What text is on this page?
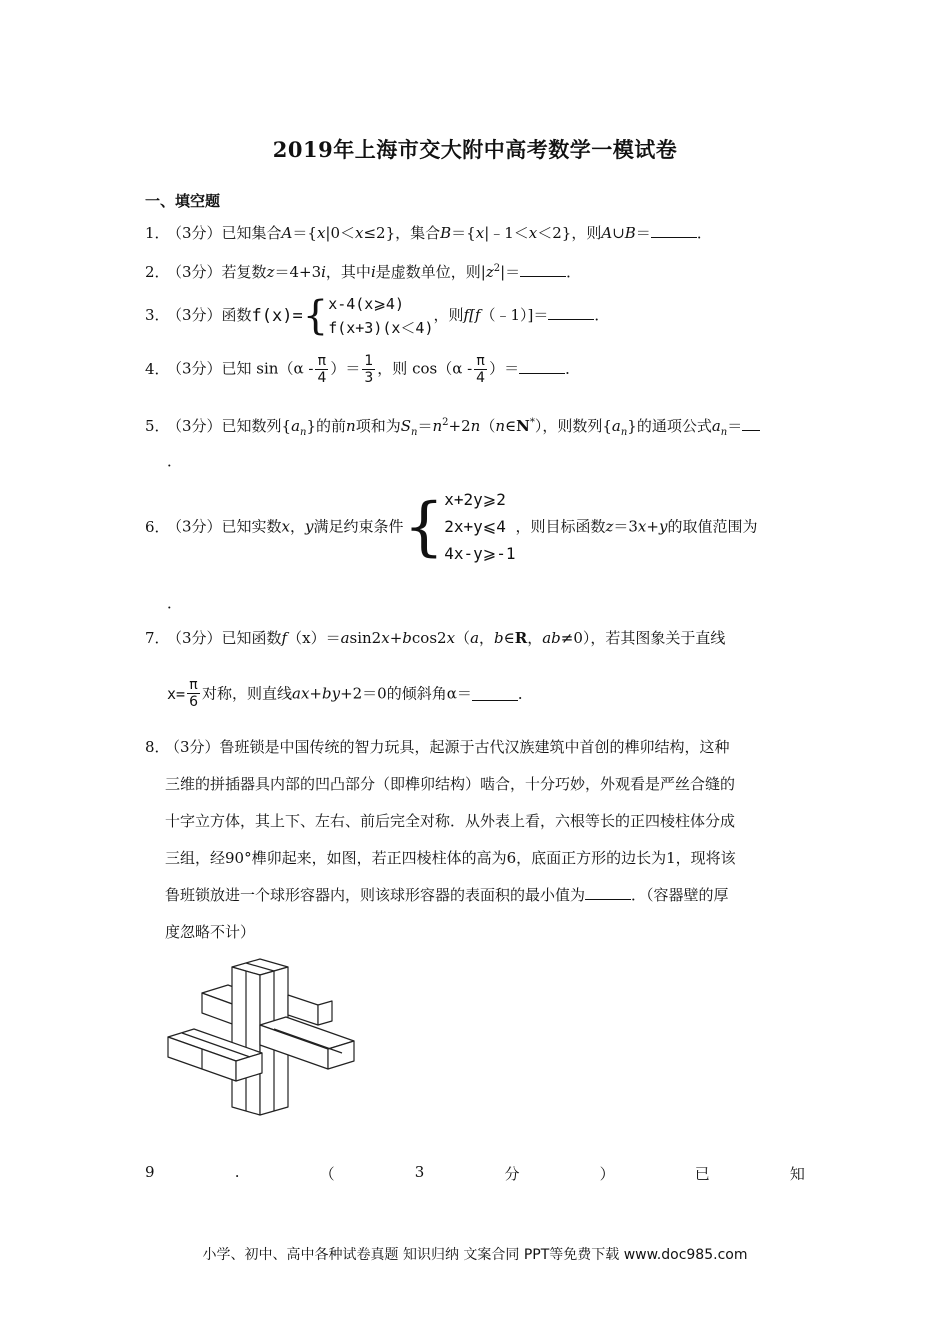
2019年上海市交大附中高考数学一模试卷
一、填空题
1．（3分）已知集合A＝{x|0＜x≤2}，集合B＝{x|﹣1＜x＜2}，则A∪B＝	．
2．（3分）若复数z＝4+3i，其中i是虚数单位，则$|z^2|=$	．
3．（3分）函数f(x)={ x-4(x⩾4)
f(x+3)(x＜4)
，则f[f（﹣1）]＝	．
4．（3分）已知 $\sin(\alpha - \frac{\pi}{4}$ ）＝ $\frac{1}{3}$ ，则 $\cos(\alpha - \frac{\pi}{4}$ ）＝	．
5．（3分）已知数列$\{a_n\}$的前n项和为$S_n=n^2+2n(n\in N^*)$，则数列$\{a_n\}$的通项公式$a_n=$
．
6．（3分）已知实数x，y满足约束条件{ x+2y⩾2
2x+y⩽4
4x-y⩾-1
，则目标函数z＝3x+y的取值范围为
．
7．（3分）已知函数f（x）＝asin2x+bcos2x（a，b∈R，ab≠0），若其图象关于直线
$x= \frac{\pi}{6}$ 对称，则直线ax+by+2＝0的倾斜角α＝	．
8．
（3分）鲁班锁是中国传统的智力玩具，起源于古代汉族建筑中首创的榫卯结构，这种
三维的拼插器具内部的凹凸部分（即榫卯结构）啮合，十分巧妙，外观看是严丝合缝的
十字立方体，其上下、左右、前后完全对称．从外表上看，六根等长的正四棱柱体分成
三组，经90°榫卯起来，如图，若正四棱柱体的高为6，底面正方形的边长为1，现将该
鲁班锁放进一个球形容器内，则该球形容器的表面积的最小值为	．（容器壁的厚
度忽略不计）
9	.	（	3	分	）	已	知
小学、初中、高中各种试卷真题 知识归纳 文案合同 PPT等免费下载 www.doc985.com
